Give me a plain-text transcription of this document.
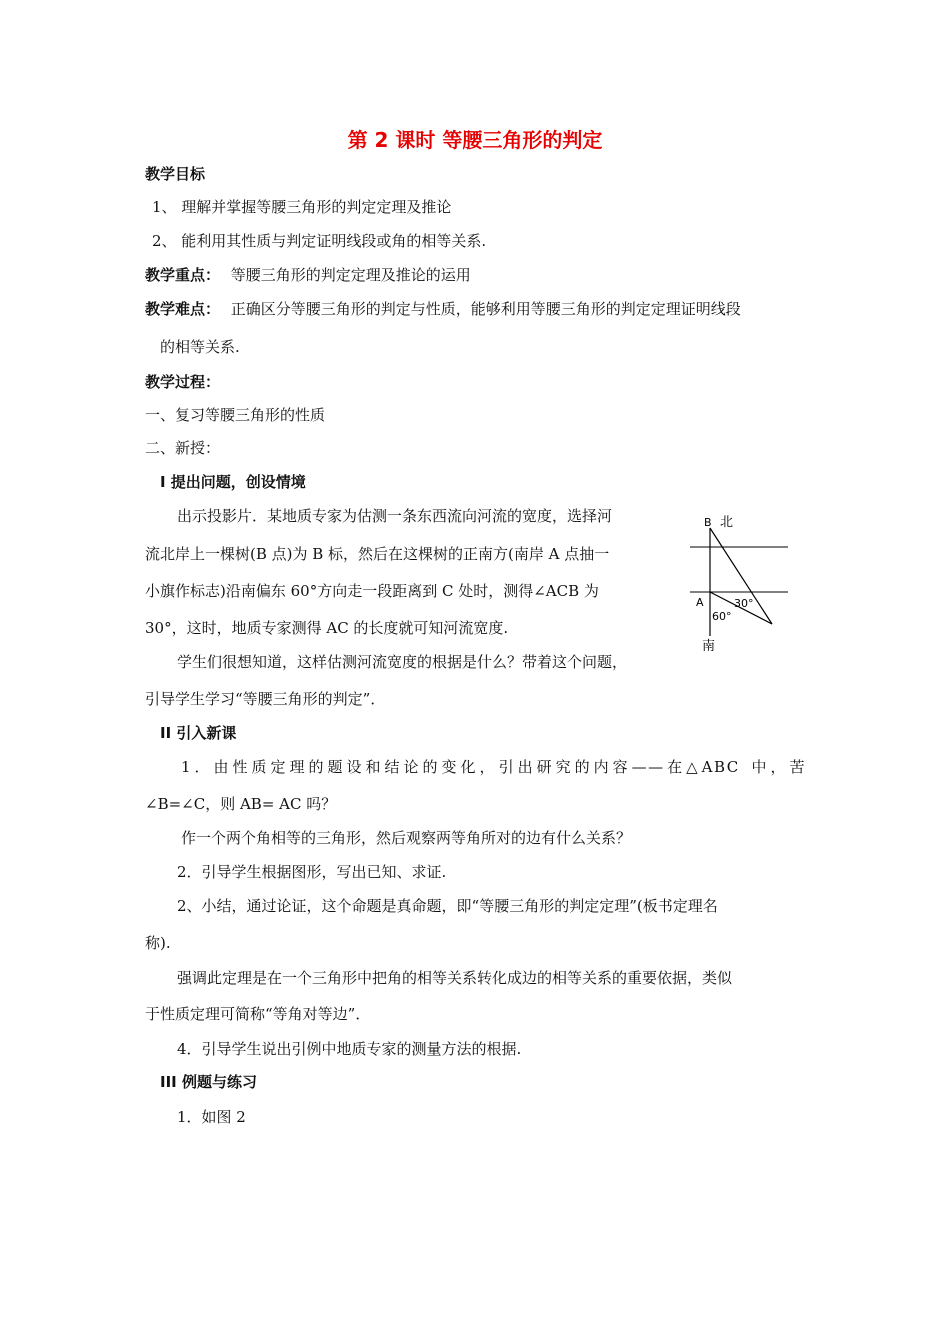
第 2 课时 等腰三角形的判定
教学目标
1、 理解并掌握等腰三角形的判定定理及推论
2、 能利用其性质与判定证明线段或角的相等关系.
教学重点： 等腰三角形的判定定理及推论的运用
教学难点： 正确区分等腰三角形的判定与性质，能够利用等腰三角形的判定定理证明线段
的相等关系.
教学过程：
一、复习等腰三角形的性质
二、新授：
I 提出问题，创设情境
出示投影片．某地质专家为估测一条东西流向河流的宽度，选择河
流北岸上一棵树(B 点)为 B 标，然后在这棵树的正南方(南岸 A 点抽一
小旗作标志)沿南偏东 60°方向走一段距离到 C 处时，测得∠ACB 为
30°，这时，地质专家测得 AC 的长度就可知河流宽度.
学生们很想知道，这样估测河流宽度的根据是什么？带着这个问题，
引导学生学习“等腰三角形的判定”．
B 北
A	30°
60°
南
II 引入新课
1．由性质定理的题设和结论的变化，引出研究的内容——在△ABC 中，苦
∠B=∠C，则 AB= AC 吗？
作一个两个角相等的三角形，然后观察两等角所对的边有什么关系？
2．引导学生根据图形，写出已知、求证.
2、小结，通过论证，这个命题是真命题，即“等腰三角形的判定定理”(板书定理名
称).
强调此定理是在一个三角形中把角的相等关系转化成边的相等关系的重要依据，类似
于性质定理可简称“等角对等边”．
4．引导学生说出引例中地质专家的测量方法的根据.
III 例题与练习
1．如图 2
